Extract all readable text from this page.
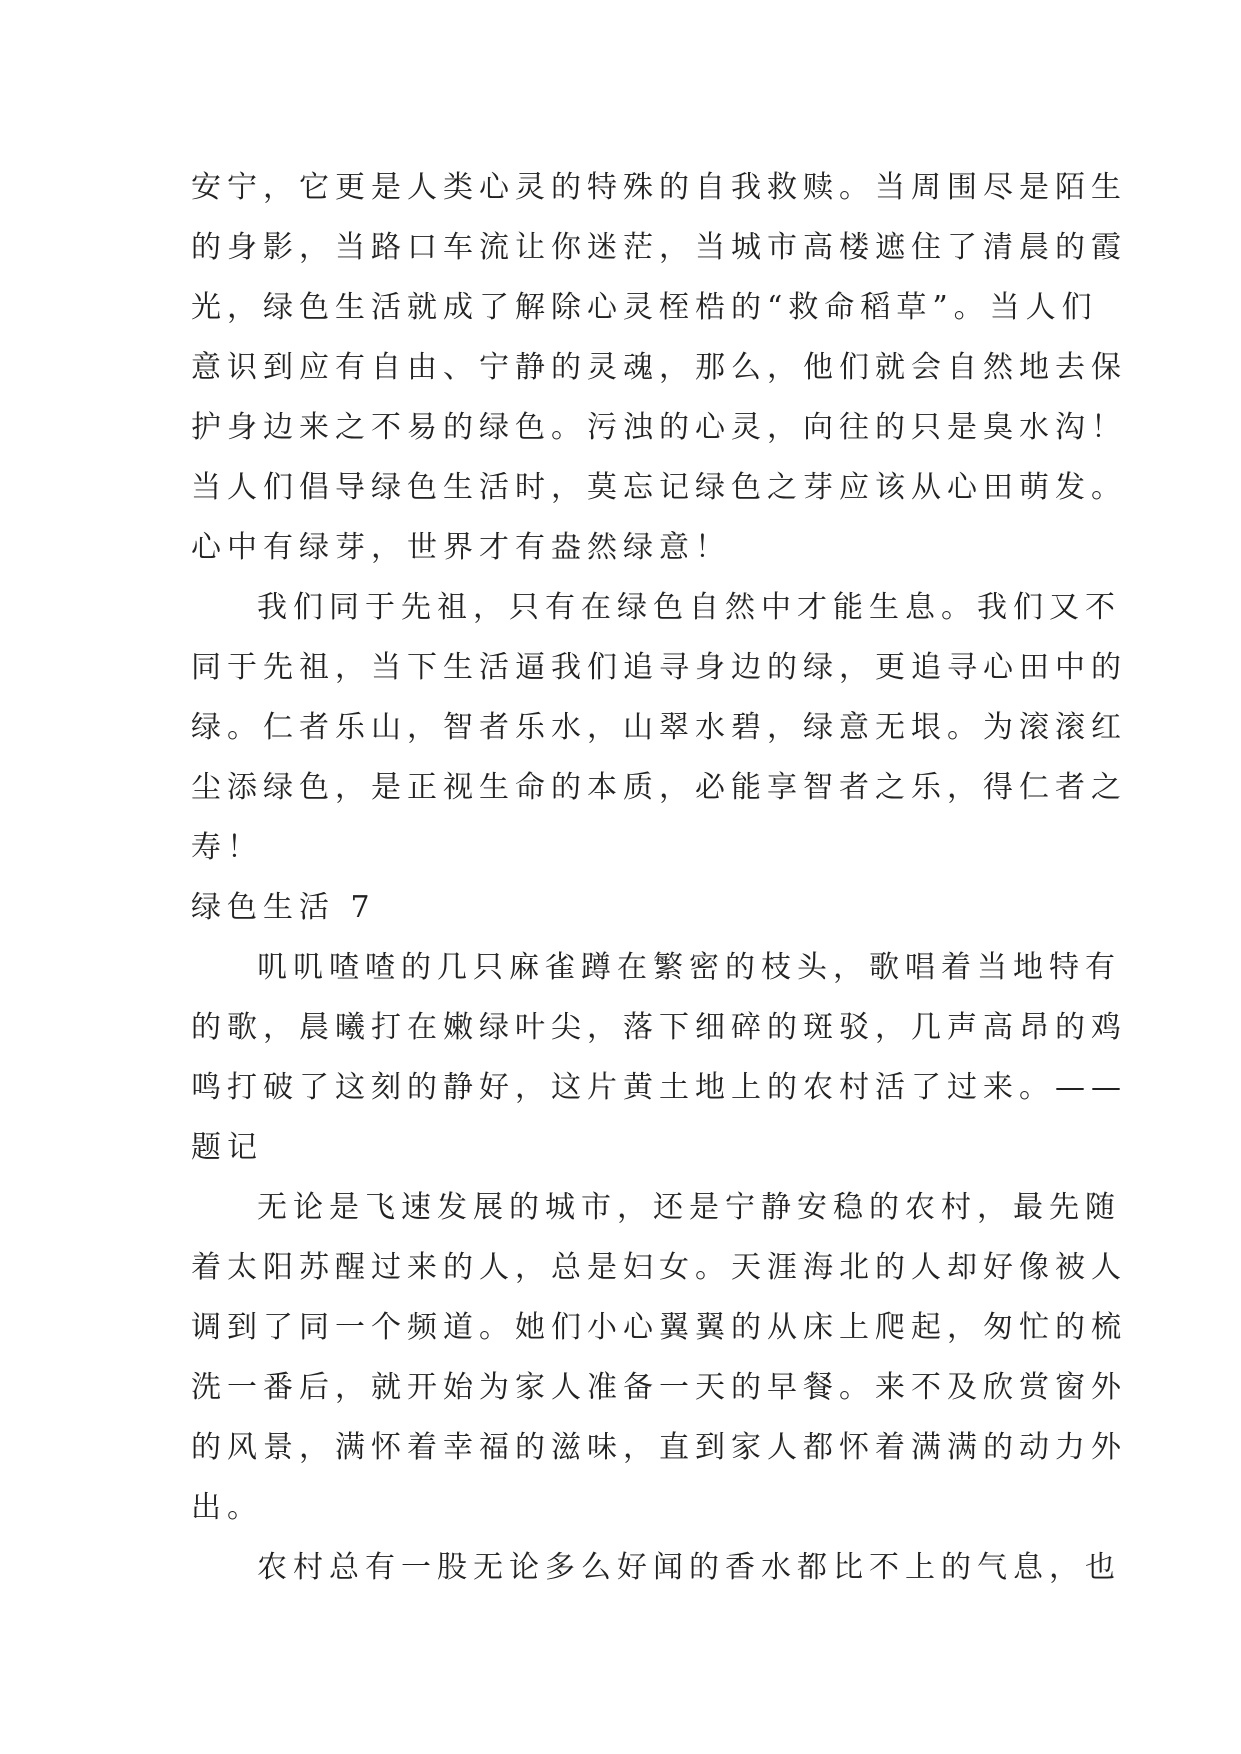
安宁，它更是人类心灵的特殊的自我救赎。当周围尽是陌生
的身影，当路口车流让你迷茫，当城市高楼遮住了清晨的霞
光，绿色生活就成了解除心灵桎梏的“救命稻草”。当人们
意识到应有自由、宁静的灵魂，那么，他们就会自然地去保
护身边来之不易的绿色。污浊的心灵，向往的只是臭水沟！
当人们倡导绿色生活时，莫忘记绿色之芽应该从心田萌发。
心中有绿芽，世界才有盎然绿意！
我们同于先祖，只有在绿色自然中才能生息。我们又不
同于先祖，当下生活逼我们追寻身边的绿，更追寻心田中的
绿。仁者乐山，智者乐水，山翠水碧，绿意无垠。为滚滚红
尘添绿色，是正视生命的本质，必能享智者之乐，得仁者之
寿！
绿色生活 7
叽叽喳喳的几只麻雀蹲在繁密的枝头，歌唱着当地特有
的歌，晨曦打在嫩绿叶尖，落下细碎的斑驳，几声高昂的鸡
鸣打破了这刻的静好，这片黄土地上的农村活了过来。——
题记
无论是飞速发展的城市，还是宁静安稳的农村，最先随
着太阳苏醒过来的人，总是妇女。天涯海北的人却好像被人
调到了同一个频道。她们小心翼翼的从床上爬起，匆忙的梳
洗一番后，就开始为家人准备一天的早餐。来不及欣赏窗外
的风景，满怀着幸福的滋味，直到家人都怀着满满的动力外
出。
农村总有一股无论多么好闻的香水都比不上的气息，也
